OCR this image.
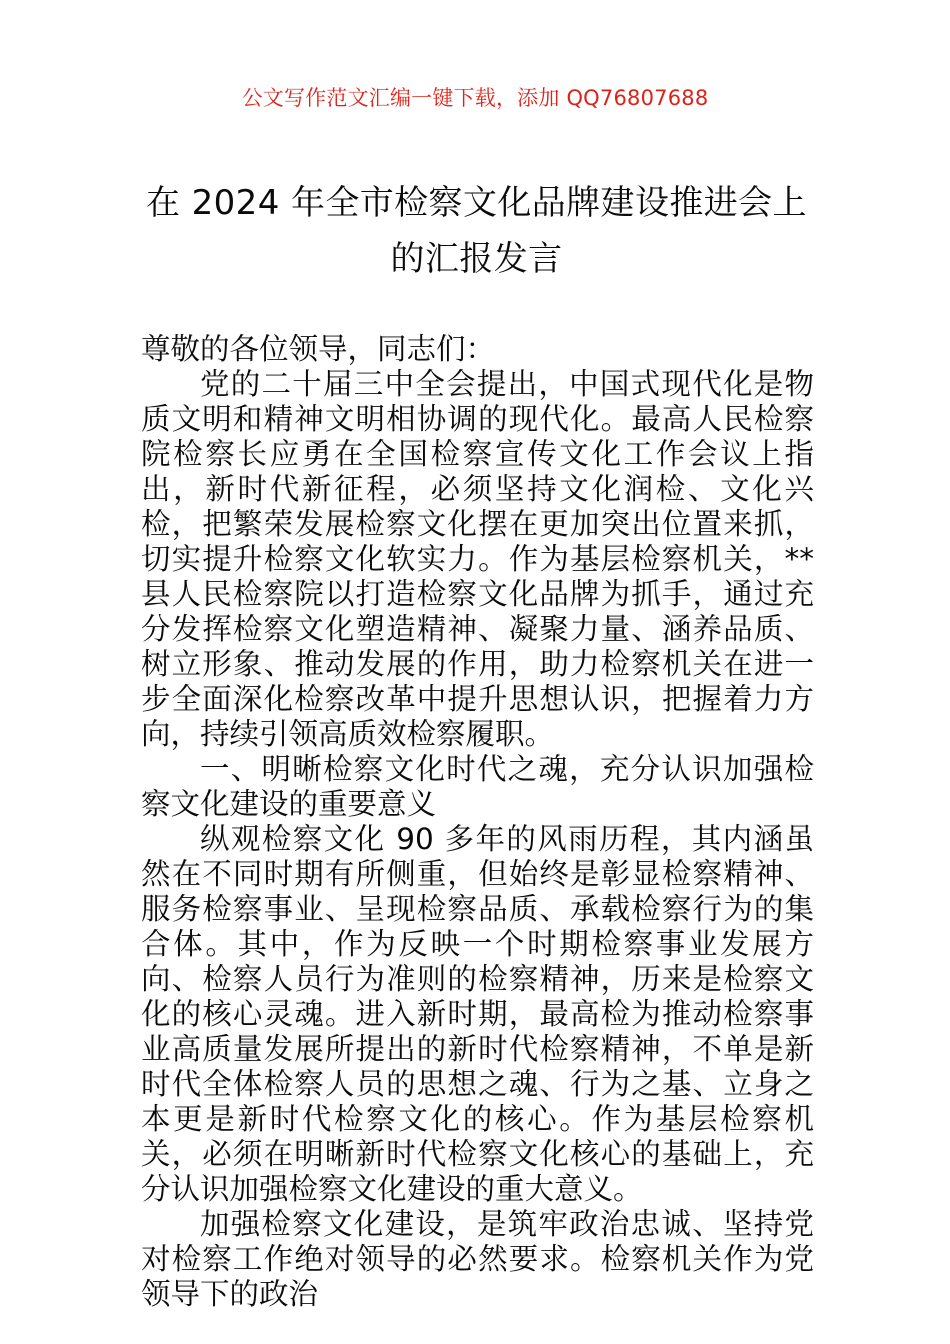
公文写作范文汇编一键下载，添加 QQ76807688
在 2024 年全市检察文化品牌建设推进会上
的汇报发言

尊敬的各位领导，同志们：

党的二十届三中全会提出，中国式现代化是物质文明和精神文明相协调的现代化。最高人民检察院检察长应勇在全国检察宣传文化工作会议上指出，新时代新征程，必须坚持文化润检、文化兴检，把繁荣发展检察文化摆在更加突出位置来抓，切实提升检察文化软实力。作为基层检察机关，**县人民检察院以打造检察文化品牌为抓手，通过充分发挥检察文化塑造精神、凝聚力量、涵养品质、树立形象、推动发展的作用，助力检察机关在进一步全面深化检察改革中提升思想认识，把握着力方向，持续引领高质效检察履职。

一、明晰检察文化时代之魂，充分认识加强检察文化建设的重要意义

纵观检察文化 90 多年的风雨历程，其内涵虽然在不同时期有所侧重，但始终是彰显检察精神、服务检察事业、呈现检察品质、承载检察行为的集合体。其中，作为反映一个时期检察事业发展方向、检察人员行为准则的检察精神，历来是检察文化的核心灵魂。进入新时期，最高检为推动检察事业高质量发展所提出的新时代检察精神，不单是新时代全体检察人员的思想之魂、行为之基、立身之本更是新时代检察文化的核心。作为基层检察机关，必须在明晰新时代检察文化核心的基础上，充分认识加强检察文化建设的重大意义。

加强检察文化建设，是筑牢政治忠诚、坚持党对检察工作绝对领导的必然要求。检察机关作为党领导下的政治
